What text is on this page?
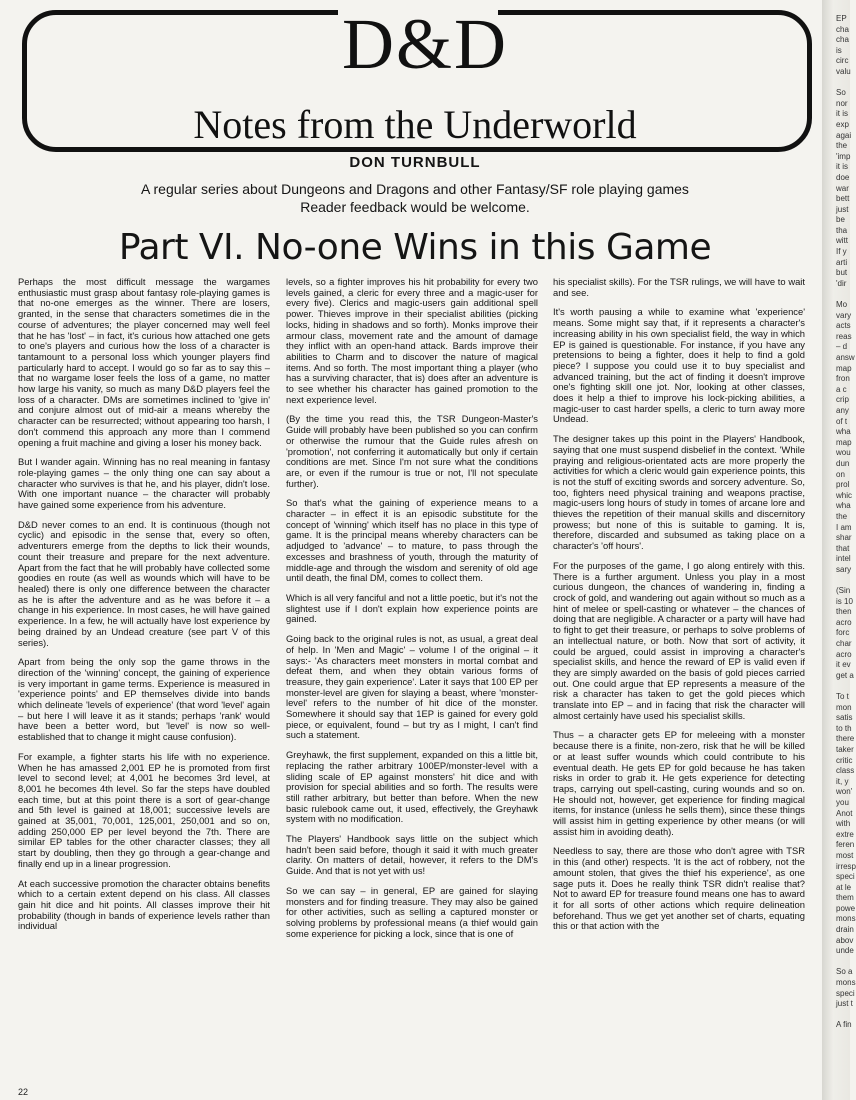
D&D
Notes from the Underworld
DON TURNBULL
A regular series about Dungeons and Dragons and other Fantasy/SF role playing games
Reader feedback would be welcome.
Part VI. No-one Wins in this Game

Perhaps the most difficult message the wargames enthusiastic must grasp about fantasy role-playing games is that no-one emerges as the winner. There are losers, granted, in the sense that characters sometimes die in the course of adventures; the player concerned may well feel that he has 'lost' – in fact, it's curious how attached one gets to one's players and curious how the loss of a character is tantamount to a personal loss which younger players find particularly hard to accept. I would go so far as to say this – that no wargame loser feels the loss of a game, no matter how large his vanity, so much as many D&D players feel the loss of a character. DMs are sometimes inclined to 'give in' and conjure almost out of mid-air a means whereby the character can be resurrected; without appearing too harsh, I don't commend this approach any more than I commend opening a fruit machine and giving a loser his money back.

But I wander again. Winning has no real meaning in fantasy role-playing games – the only thing one can say about a character who survives is that he, and his player, didn't lose. With one important nuance – the character will probably have gained some experience from his adventure.

D&D never comes to an end. It is continuous (though not cyclic) and episodic in the sense that, every so often, adventurers emerge from the depths to lick their wounds, count their treasure and prepare for the next adventure. Apart from the fact that he will probably have collected some goodies en route (as well as wounds which will have to be healed) there is only one difference between the character as he is after the adventure and as he was before it – a change in his experience. In most cases, he will have gained experience. In a few, he will actually have lost experience by being drained by an Undead creature (see part V of this series).

Apart from being the only sop the game throws in the direction of the 'winning' concept, the gaining of experience is very important in game terms. Experience is measured in 'experience points' and EP themselves divide into bands which delineate 'levels of experience' (that word 'level' again – but here I will leave it as it stands; perhaps 'rank' would have been a better word, but 'level' is now so well-established that to change it might cause confusion).

For example, a fighter starts his life with no experience. When he has amassed 2,001 EP he is promoted from first level to second level; at 4,001 he becomes 3rd level, at 8,001 he becomes 4th level. So far the steps have doubled each time, but at this point there is a sort of gear-change and 5th level is gained at 18,001; successive levels are gained at 35,001, 70,001, 125,001, 250,001 and so on, adding 250,000 EP per level beyond the 7th. There are similar EP tables for the other character classes; they all start by doubling, then they go through a gear-change and finally end up in a linear progression.

At each successive promotion the character obtains benefits which to a certain extent depend on his class. All classes gain hit dice and hit points. All classes improve their hit probability (though in bands of experience levels rather than individual

levels, so a fighter improves his hit probability for every two levels gained, a cleric for every three and a magic-user for every five). Clerics and magic-users gain additional spell power. Thieves improve in their specialist abilities (picking locks, hiding in shadows and so forth). Monks improve their armour class, movement rate and the amount of damage they inflict with an open-hand attack. Bards improve their abilities to Charm and to discover the nature of magical items. And so forth. The most important thing a player (who has a surviving character, that is) does after an adventure is to see whether his character has gained promotion to the next experience level.

(By the time you read this, the TSR Dungeon-Master's Guide will probably have been published so you can confirm or otherwise the rumour that the Guide rules afresh on 'promotion', not conferring it automatically but only if certain conditions are met. Since I'm not sure what the conditions are, or even if the rumour is true or not, I'll not speculate further).

So that's what the gaining of experience means to a character – in effect it is an episodic substitute for the concept of 'winning' which itself has no place in this type of game. It is the principal means whereby characters can be adjudged to 'advance' – to mature, to pass through the excesses and brashness of youth, through the maturity of middle-age and through the wisdom and serenity of old age until death, the final DM, comes to collect them.

Which is all very fanciful and not a little poetic, but it's not the slightest use if I don't explain how experience points are gained.

Going back to the original rules is not, as usual, a great deal of help. In 'Men and Magic' – volume I of the original – it says:- 'As characters meet monsters in mortal combat and defeat them, and when they obtain various forms of treasure, they gain experience'. Later it says that 100 EP per monster-level are given for slaying a beast, where 'monster-level' refers to the number of hit dice of the monster. Somewhere it should say that 1EP is gained for every gold piece, or equivalent, found – but try as I might, I can't find such a statement.

Greyhawk, the first supplement, expanded on this a little bit, replacing the rather arbitrary 100EP/monster-level with a sliding scale of EP against monsters' hit dice and with provision for special abilities and so forth. The results were still rather arbitrary, but better than before. When the new basic rulebook came out, it used, effectively, the Greyhawk system with no modification.

The Players' Handbook says little on the subject which hadn't been said before, though it said it with much greater clarity. On matters of detail, however, it refers to the DM's Guide. And that is not yet with us!

So we can say – in general, EP are gained for slaying monsters and for finding treasure. They may also be gained for other activities, such as selling a captured monster or solving problems by professional means (a thief would gain some experience for picking a lock, since that is one of

his specialist skills). For the TSR rulings, we will have to wait and see.

It's worth pausing a while to examine what 'experience' means. Some might say that, if it represents a character's increasing ability in his own specialist field, the way in which EP is gained is questionable. For instance, if you have any pretensions to being a fighter, does it help to find a gold piece? I suppose you could use it to buy specialist and advanced training, but the act of finding it doesn't improve one's fighting skill one jot. Nor, looking at other classes, does it help a thief to improve his lock-picking abilities, a magic-user to cast harder spells, a cleric to turn away more Undead.

The designer takes up this point in the Players' Handbook, saying that one must suspend disbelief in the context. 'While praying and religious-orientated acts are more properly the activities for which a cleric would gain experience points, this is not the stuff of exciting swords and sorcery adventure. So, too, fighters need physical training and weapons practise, magic-users long hours of study in tomes of arcane lore and thieves the repetition of their manual skills and discernitory prowess; but none of this is suitable to gaming. It is, therefore, discarded and subsumed as taking place on a character's 'off hours'.

For the purposes of the game, I go along entirely with this. There is a further argument. Unless you play in a most curious dungeon, the chances of wandering in, finding a crock of gold, and wandering out again without so much as a hint of melee or spell-casting or whatever – the chances of doing that are negligible. A character or a party will have had to fight to get their treasure, or perhaps to solve problems of an intellectual nature, or both. Now that sort of activity, it could be argued, could assist in improving a character's specialist skills, and hence the reward of EP is valid even if they are simply awarded on the basis of gold pieces carried out. One could argue that EP represents a measure of the risk a character has taken to get the gold pieces which translate into EP – and in facing that risk the character will almost certainly have used his specialist skills.

Thus – a character gets EP for meleeing with a monster because there is a finite, non-zero, risk that he will be killed or at least suffer wounds which could contribute to his eventual death. He gets EP for gold because he has taken risks in order to grab it. He gets experience for detecting traps, carrying out spell-casting, curing wounds and so on. He should not, however, get experience for finding magical items, for instance (unless he sells them), since these things will assist him in getting experience by other means (or will assist him in avoiding death).

Needless to say, there are those who don't agree with TSR in this (and other) respects. 'It is the act of robbery, not the amount stolen, that gives the thief his experience', as one sage puts it. Does he really think TSR didn't realise that? Not to award EP for treasure found means one has to award it for all sorts of other actions which require delineation beforehand. Thus we get yet another set of charts, equating this or that action with the

22
EP
cha
cha
is
circ
valu
So
nor
it is
exp
agai
the
'imp
it is
doe
war
bett
just
be
tha
witt
If y
arti
but
'dir
Mo
vary
acts
reas
– d
answ
map
fron
a c
crip
any
of t
wha
map
wou
dun
on
prol
whic
wha
the
I am
shar
that
intel
sary
(Sin
is 10
then
acro
forc
char
acro
it ev
get a
To t
mon
satis
to th
there
taker
critic
class
it, y
won'
you
Anot
with
extre
feren
most
irresp
speci
at le
them
powe
mons
drain
abov
unde
So a
mons
speci
just t
A fin
